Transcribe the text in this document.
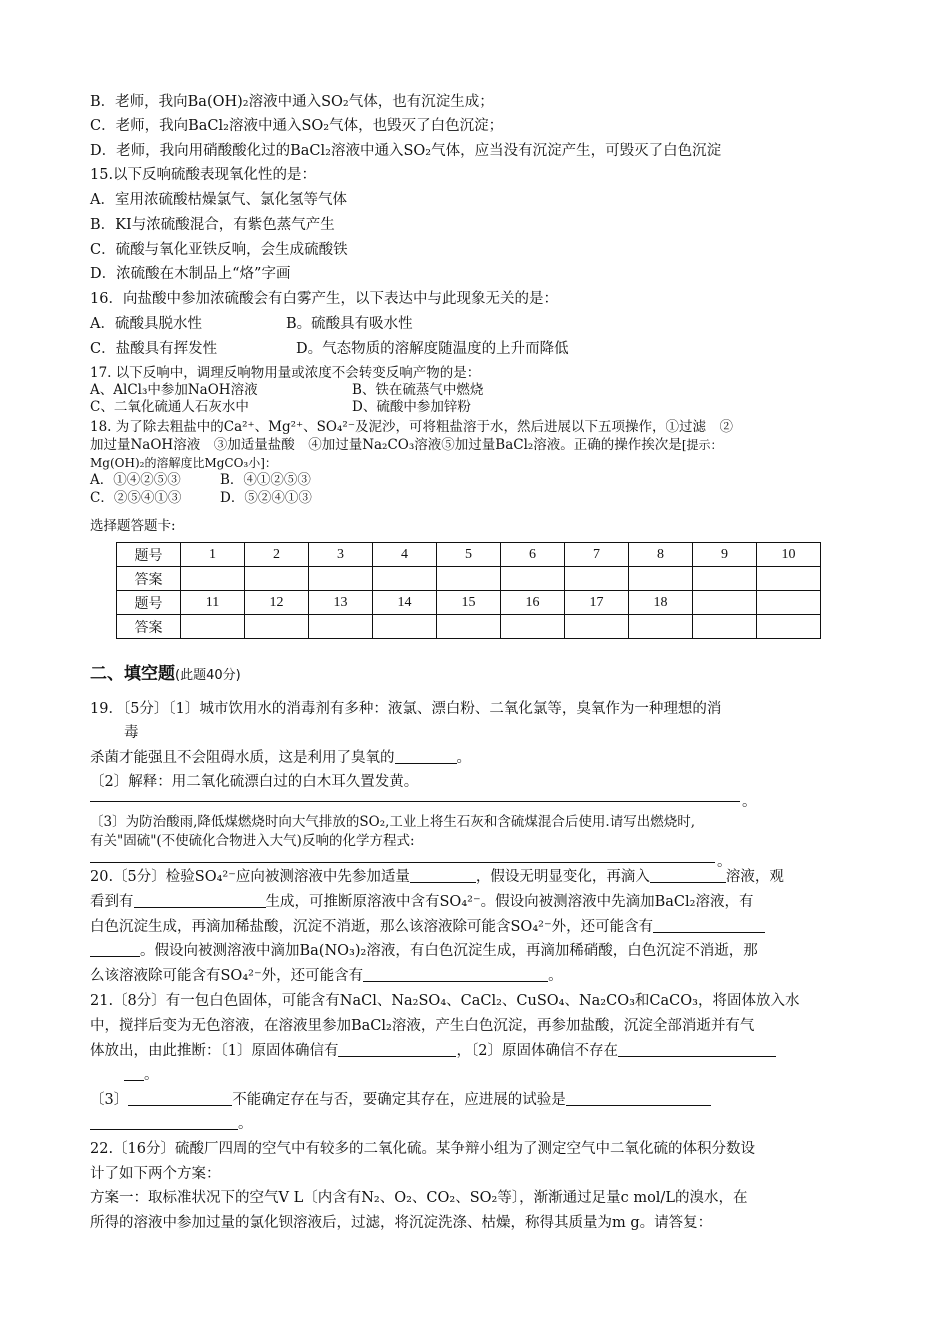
B．老师，我向Ba(OH)₂溶液中通入SO₂气体，也有沉淀生成；
C．老师，我向BaCl₂溶液中通入SO₂气体，也毁灭了白色沉淀；
D．老师，我向用硝酸酸化过的BaCl₂溶液中通入SO₂气体，应当没有沉淀产生，可毁灭了白色沉淀
15.以下反响硫酸表现氧化性的是：
A．室用浓硫酸枯燥氯气、氯化氢等气体
B．KI与浓硫酸混合，有紫色蒸气产生
C．硫酸与氧化亚铁反响，会生成硫酸铁
D．浓硫酸在木制品上“烙”字画
16．向盐酸中参加浓硫酸会有白雾产生，以下表达中与此现象无关的是：
A．硫酸具脱水性	B。硫酸具有吸水性
C．盐酸具有挥发性	D。气态物质的溶解度随温度的上升而降低
17. 以下反响中，调理反响物用量或浓度不会转变反响产物的是：
A、AlCl₃中参加NaOH溶液	B、铁在硫蒸气中燃烧
C、二氧化硫通人石灰水中	D、硫酸中参加锌粉
18. 为了除去粗盐中的Ca²⁺、Mg²⁺、SO₄²⁻及泥沙，可将粗盐溶于水，然后进展以下五项操作，①过滤　②
加过量NaOH溶液　③加适量盐酸　④加过量Na₂CO₃溶液⑤加过量BaCl₂溶液。正确的操作挨次是[提示：
Mg(OH)₂的溶解度比MgCO₃小]：
A．①④②⑤③	B．④①②⑤③
C．②⑤④①③	D．⑤②④①③
选择题答题卡:
题号	1	2	3	4	5	6	7	8	9	10
答案										
题号	11	12	13	14	15	16	17	18		
答案										
二、填空题(此题40分)
19．〔5分〕〔1〕城市饮用水的消毒剂有多种：液氯、漂白粉、二氧化氯等，臭氧作为一种理想的消
毒
杀菌才能强且不会阻碍水质，这是利用了臭氧的	。
〔2〕解释：用二氧化硫漂白过的白木耳久置发黄。
。
〔3〕为防治酸雨,降低煤燃烧时向大气排放的SO₂,工业上将生石灰和含硫煤混合后使用.请写出燃烧时,
有关"固硫"(不使硫化合物进入大气)反响的化学方程式:
。
20.〔5分〕检验SO₄²⁻应向被测溶液中先参加适量	，假设无明显变化，再滴入	溶液，观
看到有	生成，可推断原溶液中含有SO₄²⁻。假设向被测溶液中先滴加BaCl₂溶液，有
白色沉淀生成，再滴加稀盐酸，沉淀不消逝，那么该溶液除可能含SO₄²⁻外，还可能含有
。假设向被测溶液中滴加Ba(NO₃)₂溶液，有白色沉淀生成，再滴加稀硝酸，白色沉淀不消逝，那
么该溶液除可能含有SO₄²⁻外，还可能含有	。
21.〔8分〕有一包白色固体，可能含有NaCl、Na₂SO₄、CaCl₂、CuSO₄、Na₂CO₃和CaCO₃，将固体放入水
中，搅拌后变为无色溶液，在溶液里参加BaCl₂溶液，产生白色沉淀，再参加盐酸，沉淀全部消逝并有气
体放出，由此推断：〔1〕原固体确信有	，〔2〕原固体确信不存在
。
〔3〕	不能确定存在与否，要确定其存在，应进展的试验是
。
22.〔16分〕硫酸厂四周的空气中有较多的二氧化硫。某争辩小组为了测定空气中二氧化硫的体积分数设
计了如下两个方案：
方案一：取标准状况下的空气V L〔内含有N₂、O₂、CO₂、SO₂等〕，渐渐通过足量c mol/L的溴水，在
所得的溶液中参加过量的氯化钡溶液后，过滤，将沉淀洗涤、枯燥，称得其质量为m g。请答复：
